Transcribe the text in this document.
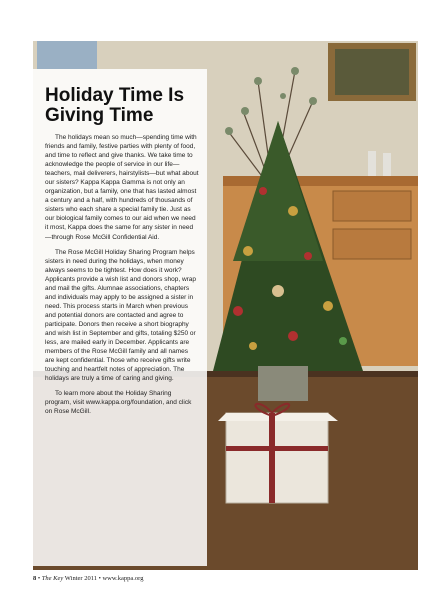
Holiday Time Is Giving Time

The holidays mean so much—spending time with friends and family, festive parties with plenty of food, and time to reflect and give thanks. We take time to acknowledge the people of service in our life—teachers, mail deliverers, hairstylists—but what about our sisters? Kappa Kappa Gamma is not only an organization, but a family, one that has lasted almost a century and a half, with hundreds of thousands of sisters who each share a special family tie. Just as our biological family comes to our aid when we need it most, Kappa does the same for any sister in need—through Rose McGill Confidential Aid.

The Rose McGill Holiday Sharing Program helps sisters in need during the holidays, when money always seems to be tightest. How does it work? Applicants provide a wish list and donors shop, wrap and mail the gifts. Alumnae associations, chapters and individuals may apply to be assigned a sister in need. This process starts in March when previous and potential donors are contacted and agree to participate. Donors then receive a short biography and wish list in September and gifts, totaling $250 or less, are mailed early in December. Applicants are members of the Rose McGill family and all names are kept confidential. Those who receive gifts write touching and heartfelt notes of appreciation. The holidays are truly a time of caring and giving.

To learn more about the Holiday Sharing program, visit www.kappa.org/foundation, and click on Rose McGill.

8 • The Key Winter 2011 • www.kappa.org
